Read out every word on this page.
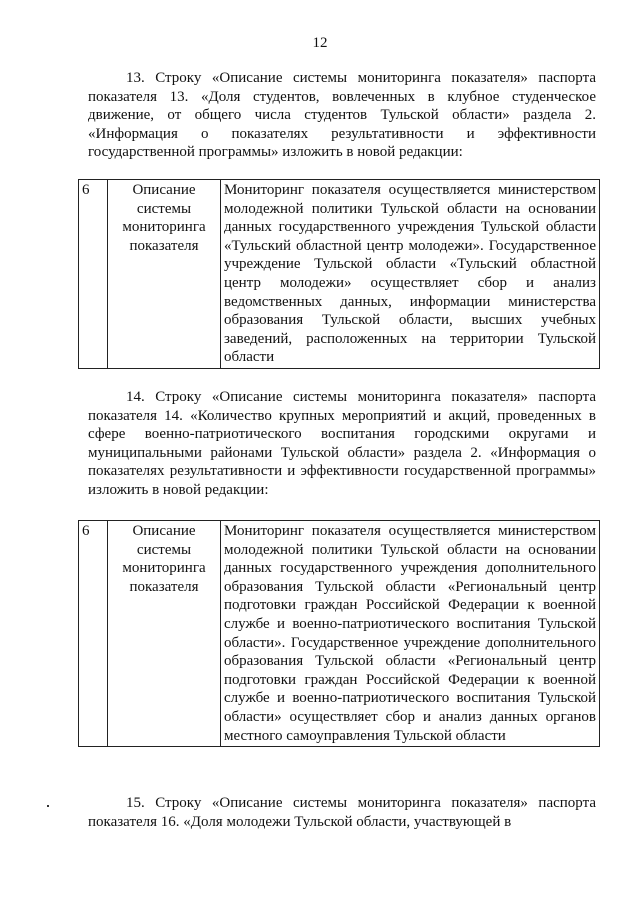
12

13. Строку «Описание системы мониторинга показателя» паспорта показателя 13. «Доля студентов, вовлеченных в клубное студенческое движение, от общего числа студентов Тульской области» раздела 2. «Информация о показателях результативности и эффективности государственной программы» изложить в новой редакции:

6	Описание системы мониторинга показателя	Мониторинг показателя осуществляется министерством молодежной политики Тульской области на основании данных государственного учреждения Тульской области «Тульский областной центр молодежи». Государственное учреждение Тульской области «Тульский областной центр молодежи» осуществляет сбор и анализ ведомственных данных, информации министерства образования Тульской области, высших учебных заведений, расположенных на территории Тульской области

14. Строку «Описание системы мониторинга показателя» паспорта показателя 14. «Количество крупных мероприятий и акций, проведенных в сфере военно-патриотического воспитания городскими округами и муниципальными районами Тульской области» раздела 2. «Информация о показателях результативности и эффективности государственной программы» изложить в новой редакции:

6	Описание системы мониторинга показателя	Мониторинг показателя осуществляется министерством молодежной политики Тульской области на основании данных государственного учреждения дополнительного образования Тульской области «Региональный центр подготовки граждан Российской Федерации к военной службе и военно-патриотического воспитания Тульской области». Государственное учреждение дополнительного образования Тульской области «Региональный центр подготовки граждан Российской Федерации к военной службе и военно-патриотического воспитания Тульской области» осуществляет сбор и анализ данных органов местного самоуправления Тульской области

15. Строку «Описание системы мониторинга показателя» паспорта показателя 16. «Доля молодежи Тульской области, участвующей в
